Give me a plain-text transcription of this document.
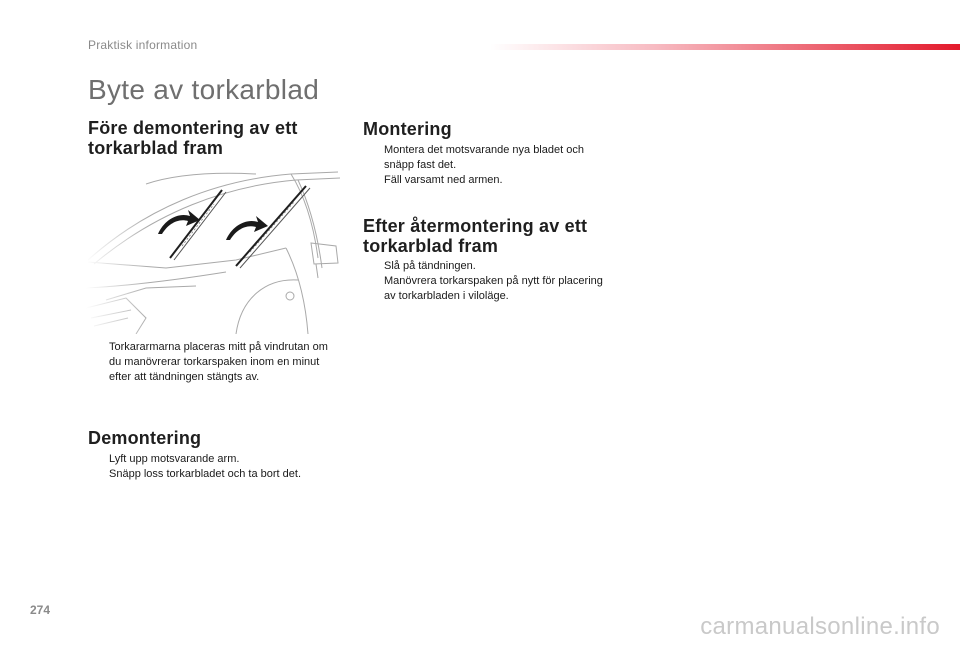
Praktisk information
Byte av torkarblad
Före demontering av ett torkarblad fram
Torkararmarna placeras mitt på vindrutan om du manövrerar torkarspaken inom en minut efter att tändningen stängts av.
Demontering
Lyft upp motsvarande arm.
Snäpp loss torkarbladet och ta bort det.
Montering
Montera det motsvarande nya bladet och snäpp fast det.
Fäll varsamt ned armen.
Efter återmontering av ett torkarblad fram
Slå på tändningen.
Manövrera torkarspaken på nytt för placering av torkarbladen i viloläge.
274
carmanualsonline.info
